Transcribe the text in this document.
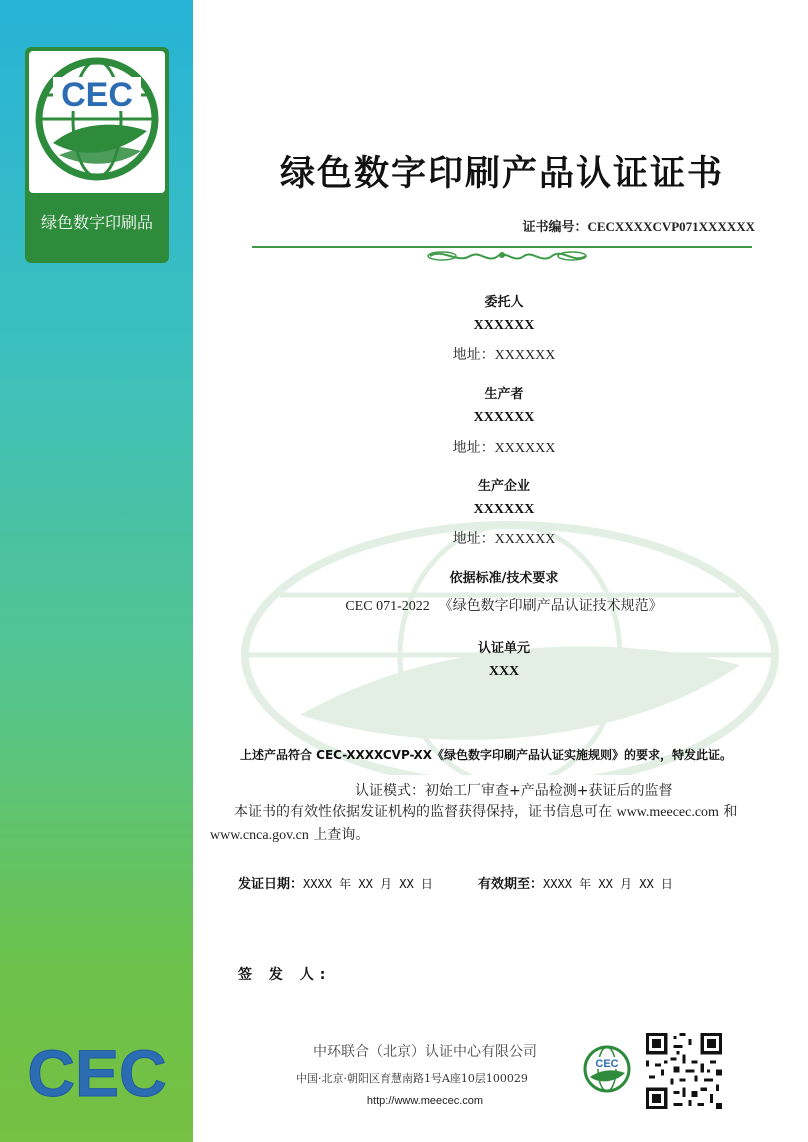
CEC
绿色数字印刷品
CEC
绿色数字印刷产品认证证书
证书编号：CECXXXXCVP071XXXXXX
委托人
XXXXXX
地址：XXXXXX
生产者
XXXXXX
地址：XXXXXX
生产企业
XXXXXX
地址：XXXXXX
依据标准/技术要求
CEC 071-2022 《绿色数字印刷产品认证技术规范》
认证单元
XXX
上述产品符合 CEC-XXXXCVP-XX《绿色数字印刷产品认证实施规则》的要求，特发此证。
认证模式：初始工厂审查+产品检测+获证后的监督
本证书的有效性依据发证机构的监督获得保持，证书信息可在 www.meecec.com 和 www.cnca.gov.cn 上查询。
发证日期：XXXX 年 XX 月 XX 日	有效期至：XXXX 年 XX 月 XX 日
签 发 人:
中环联合（北京）认证中心有限公司
中国·北京·朝阳区育慧南路1号A座10层100029
http://www.meecec.com
CEC
